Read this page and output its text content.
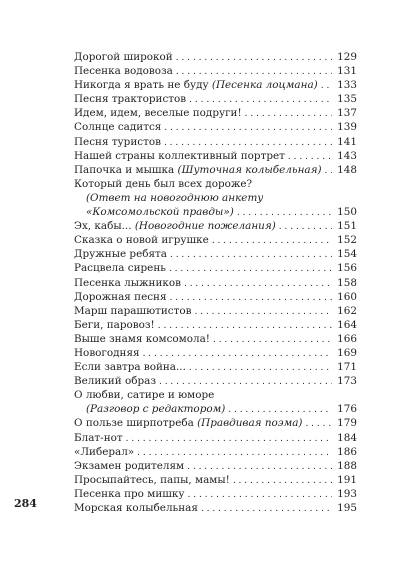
284
Дорогой широкой . . .	129
Песенка водовоза . . .	131
Никогда я врать не буду (Песенка лоцмана) . . . 133
Песня трактористов . . .	135
Идем, идем, веселые подруги! . . .	137
Солнце садится . . .	139
Песня туристов . . .	141
Нашей страны коллективный портрет . . .	143
Папочка и мышка (Шуточная колыбельная) . . . 148
Который день был всех дороже?
(Ответ на новогоднюю анкету
«Комсомольской правды») . . .	150
Эх, кабы... (Новогодние пожелания) . . .	151
Сказка о новой игрушке . . .	152
Дружные ребята . . .	154
Расцвела сирень . . .	156
Песенка лыжников . . .	158
Дорожная песня . . .	160
Марш парашютистов . . .	162
Беги, паровоз! . . .	164
Выше знамя комсомола! . . .	166
Новогодняя . . .	169
Если завтра война... . . .	171
Великий образ . . .	173
О любви, сатире и юморе
(Разговор с редактором) . . .	176
О пользе ширпотреба (Правдивая поэма) . . .	179
Блат-нот . . .	184
«Либерал» . . .	186
Экзамен родителям . . .	188
Просыпайтесь, папы, мамы! . . .	191
Песенка про мишку . . .	193
Морская колыбельная . . .	195
